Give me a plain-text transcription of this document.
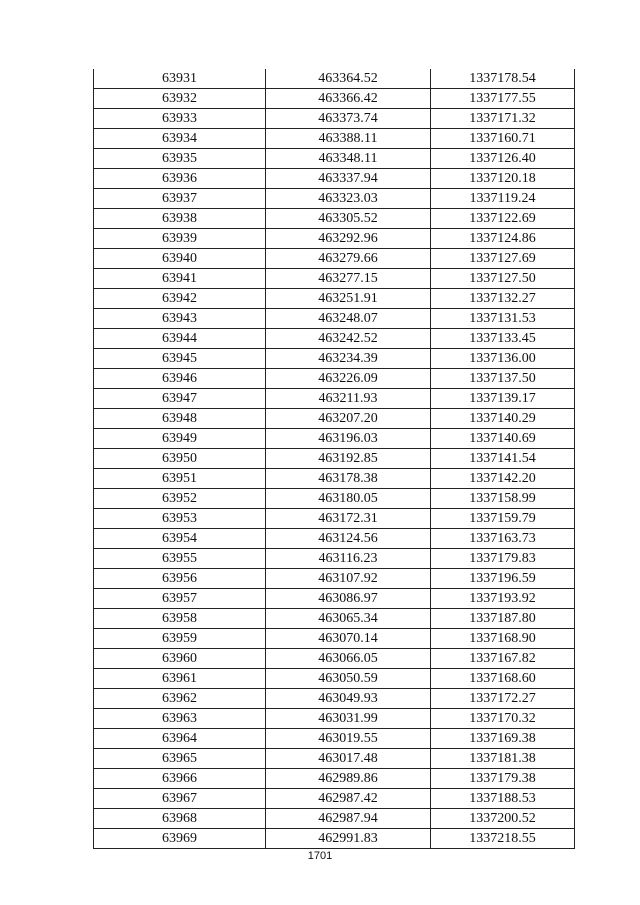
63931	463364.52	1337178.54
63932	463366.42	1337177.55
63933	463373.74	1337171.32
63934	463388.11	1337160.71
63935	463348.11	1337126.40
63936	463337.94	1337120.18
63937	463323.03	1337119.24
63938	463305.52	1337122.69
63939	463292.96	1337124.86
63940	463279.66	1337127.69
63941	463277.15	1337127.50
63942	463251.91	1337132.27
63943	463248.07	1337131.53
63944	463242.52	1337133.45
63945	463234.39	1337136.00
63946	463226.09	1337137.50
63947	463211.93	1337139.17
63948	463207.20	1337140.29
63949	463196.03	1337140.69
63950	463192.85	1337141.54
63951	463178.38	1337142.20
63952	463180.05	1337158.99
63953	463172.31	1337159.79
63954	463124.56	1337163.73
63955	463116.23	1337179.83
63956	463107.92	1337196.59
63957	463086.97	1337193.92
63958	463065.34	1337187.80
63959	463070.14	1337168.90
63960	463066.05	1337167.82
63961	463050.59	1337168.60
63962	463049.93	1337172.27
63963	463031.99	1337170.32
63964	463019.55	1337169.38
63965	463017.48	1337181.38
63966	462989.86	1337179.38
63967	462987.42	1337188.53
63968	462987.94	1337200.52
63969	462991.83	1337218.55
1701
